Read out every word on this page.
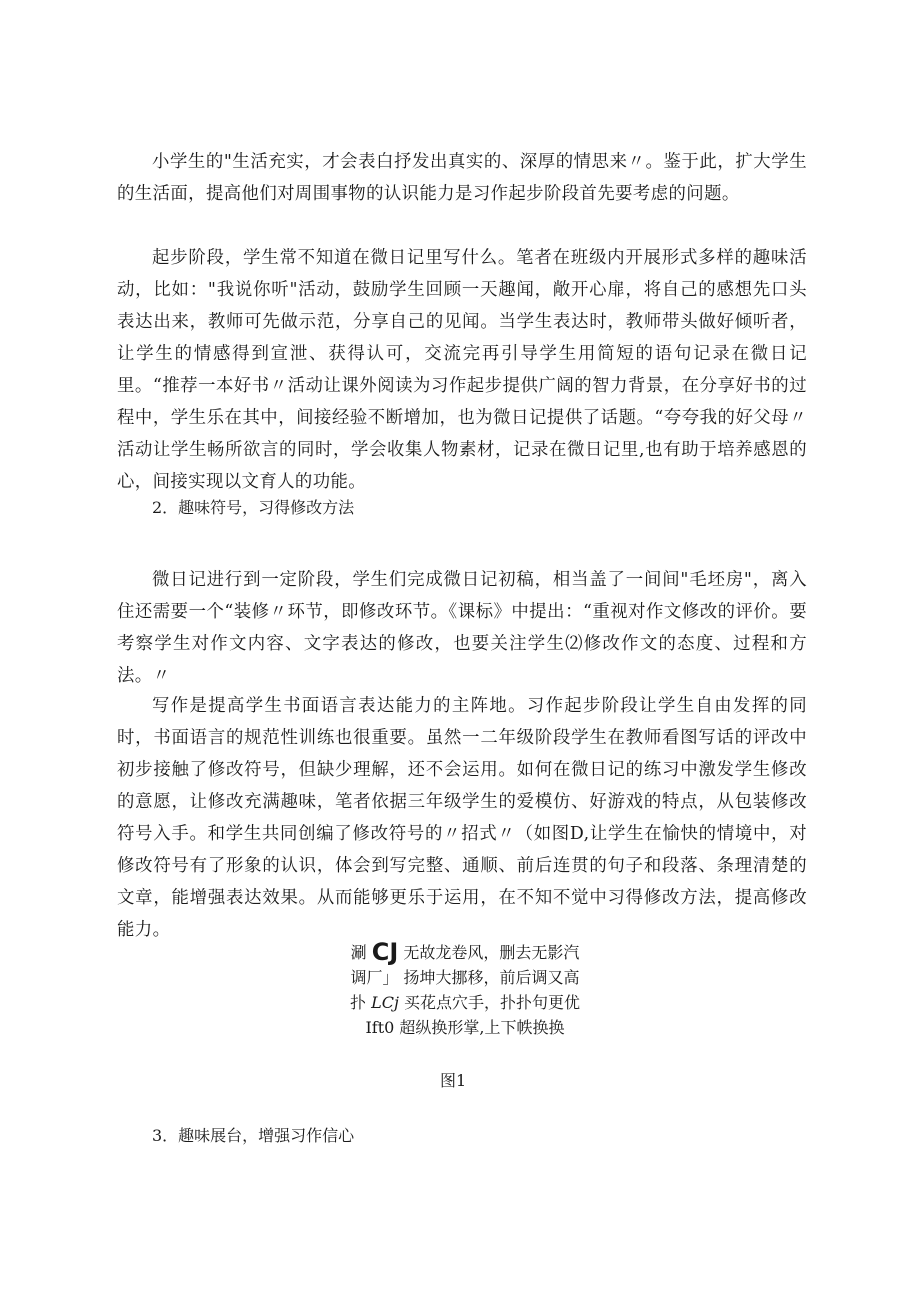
小学生的"生活充实，才会表白抒发出真实的、深厚的情思来〃。鉴于此，扩大学生的生活面，提高他们对周围事物的认识能力是习作起步阶段首先要考虑的问题。

起步阶段，学生常不知道在微日记里写什么。笔者在班级内开展形式多样的趣味活动，比如："我说你听"活动，鼓励学生回顾一天趣闻，敞开心扉，将自己的感想先口头表达出来，教师可先做示范，分享自己的见闻。当学生表达时，教师带头做好倾听者，让学生的情感得到宣泄、获得认可，交流完再引导学生用简短的语句记录在微日记里。“推荐一本好书〃活动让课外阅读为习作起步提供广阔的智力背景，在分享好书的过程中，学生乐在其中，间接经验不断增加，也为微日记提供了话题。“夸夸我的好父母〃活动让学生畅所欲言的同时，学会收集人物素材，记录在微日记里,也有助于培养感恩的心，间接实现以文育人的功能。

2．趣味符号，习得修改方法

微日记进行到一定阶段，学生们完成微日记初稿，相当盖了一间间"毛坯房"，离入住还需要一个“装修〃环节，即修改环节。《课标》中提出：“重视对作文修改的评价。要考察学生对作文内容、文字表达的修改，也要关注学生⑵修改作文的态度、过程和方法。〃

写作是提高学生书面语言表达能力的主阵地。习作起步阶段让学生自由发挥的同时，书面语言的规范性训练也很重要。虽然一二年级阶段学生在教师看图写话的评改中初步接触了修改符号，但缺少理解，还不会运用。如何在微日记的练习中激发学生修改的意愿，让修改充满趣味，笔者依据三年级学生的爱模仿、好游戏的特点，从包装修改符号入手。和学生共同创编了修改符号的〃招式〃（如图D,让学生在愉快的情境中，对修改符号有了形象的认识，体会到写完整、通顺、前后连贯的句子和段落、条理清楚的文章，能增强表达效果。从而能够更乐于运用，在不知不觉中习得修改方法，提高修改能力。

涮 CJ 无故龙卷风，删去无影汽
调厂」 扬坤大挪移，前后调又高
扑 LCj 买花点穴手，扑扑句更优
Ift0 超纵换形掌,上下帙换换
图1

3．趣味展台，增强习作信心
